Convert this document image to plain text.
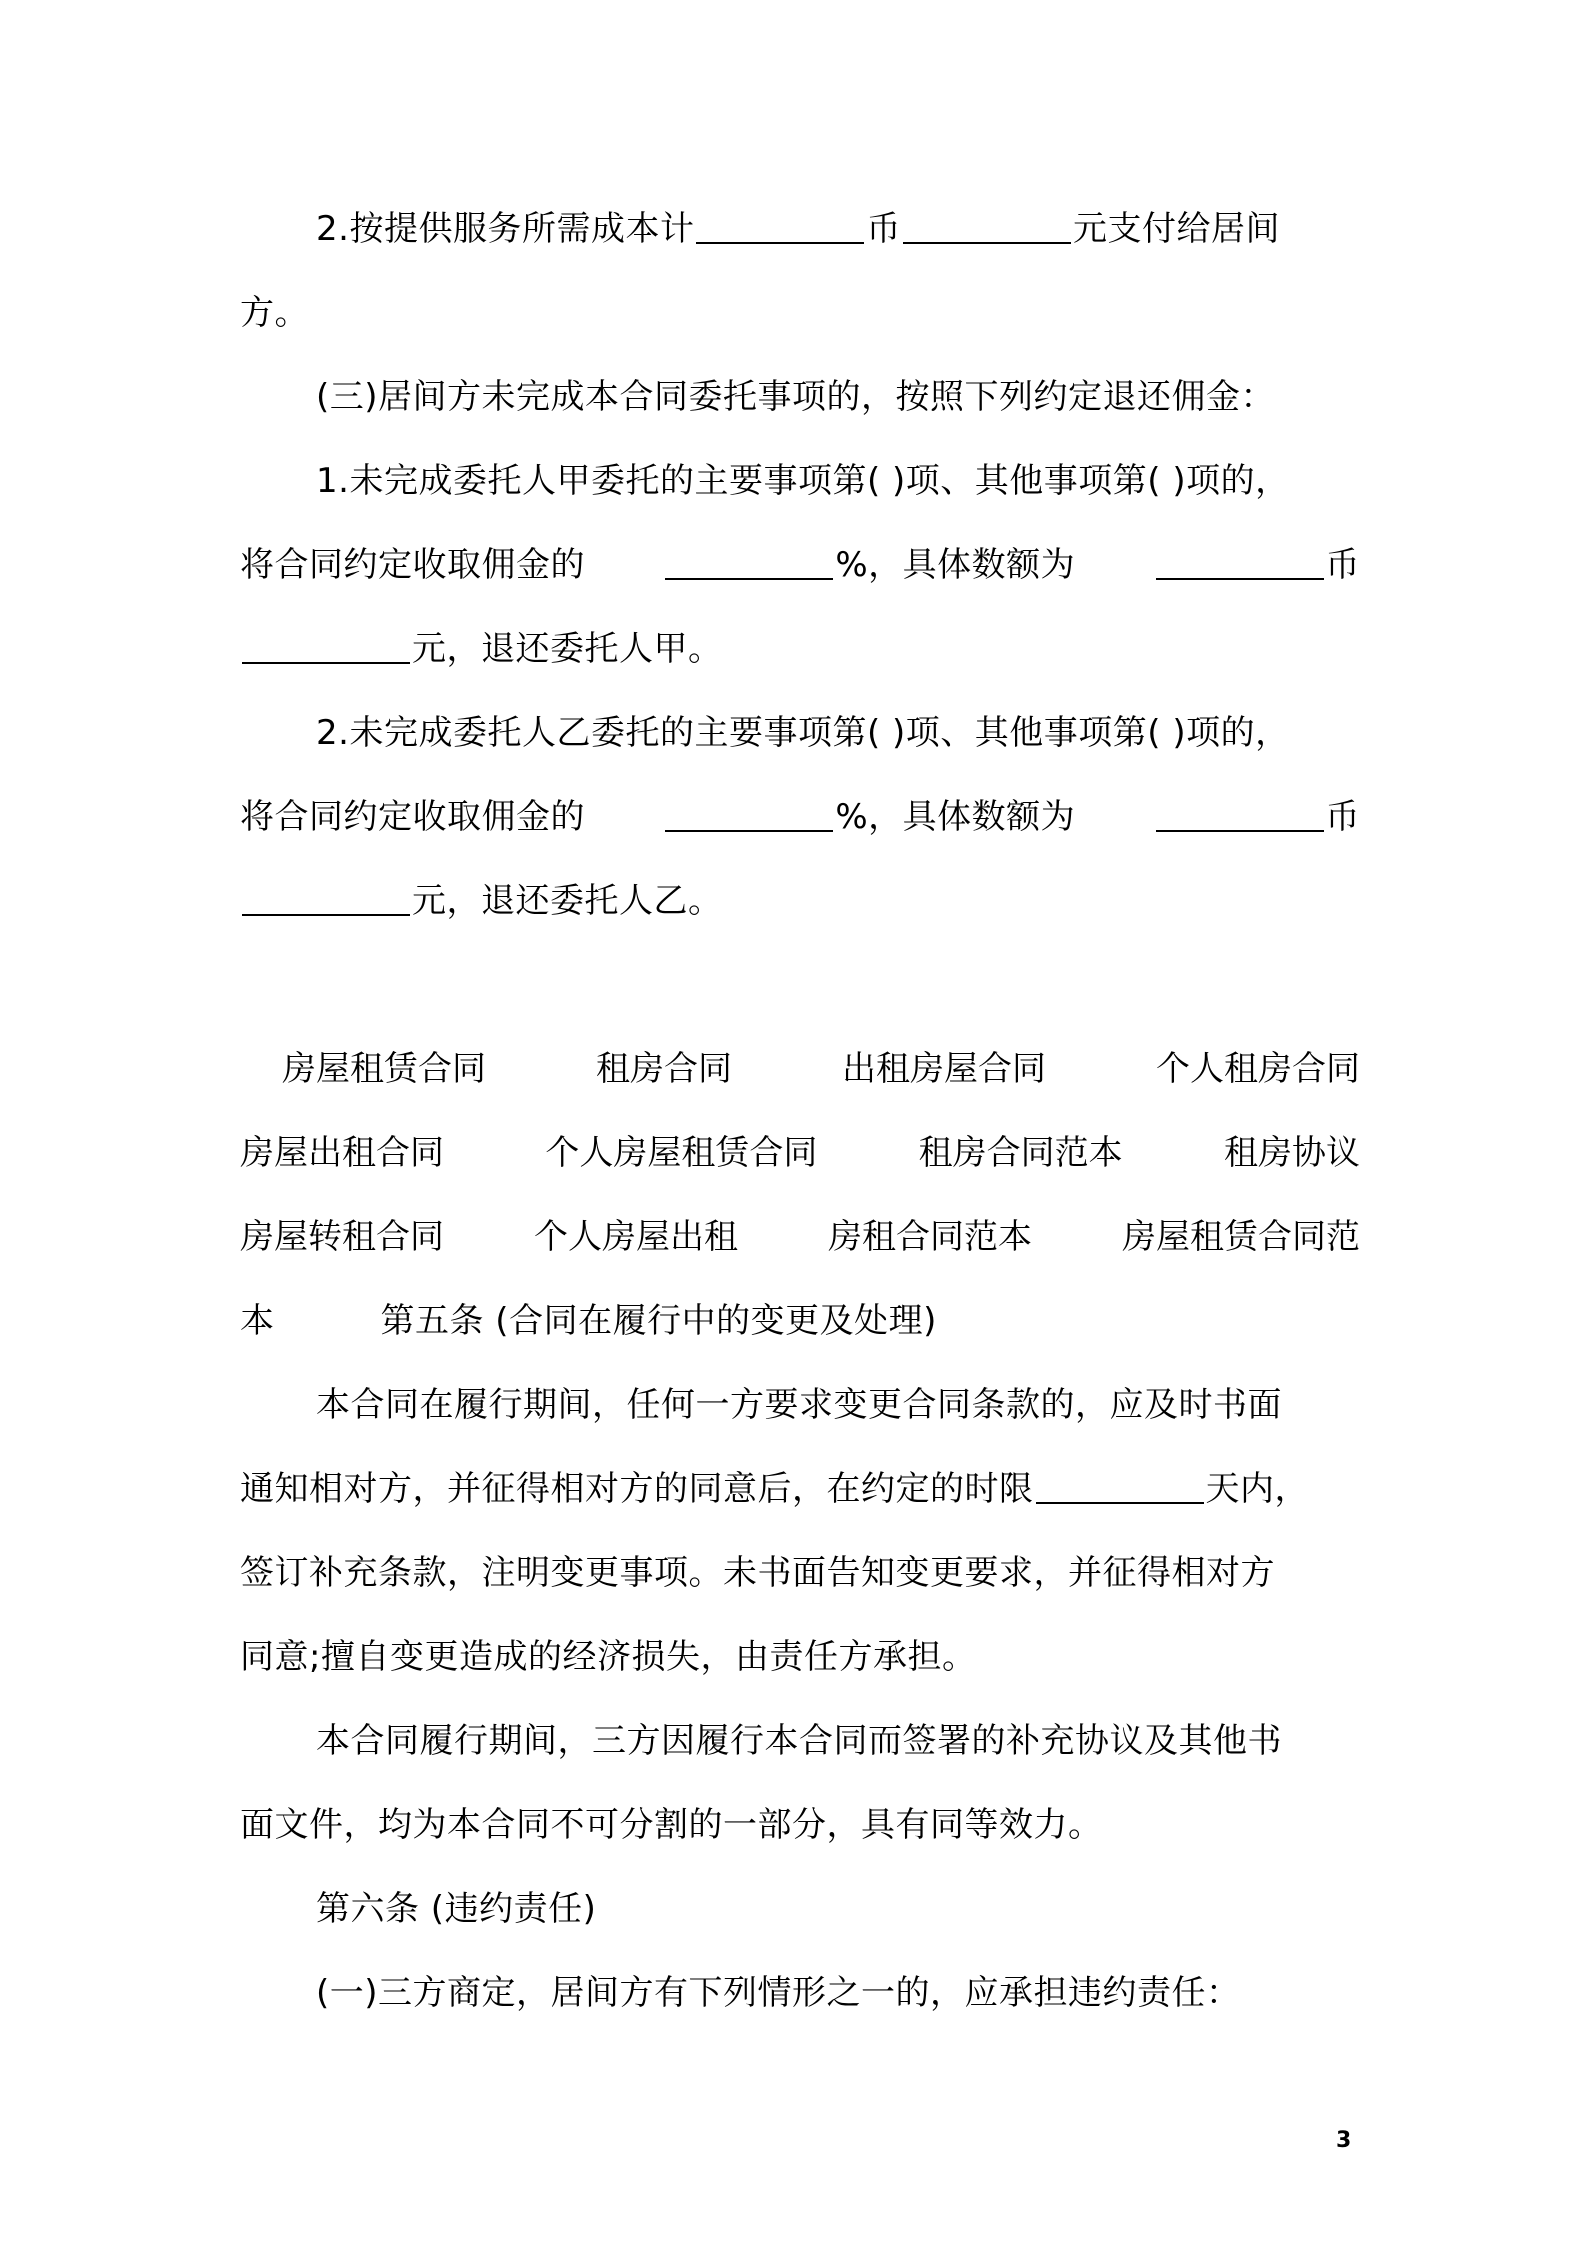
2.按提供服务所需成本计	币	元支付给居间
方。
(三)居间方未完成本合同委托事项的，按照下列约定退还佣金：
1.未完成委托人甲委托的主要事项第( )项、其他事项第( )项的，
将合同约定收取佣金的	%，具体数额为	币
元，退还委托人甲。
2.未完成委托人乙委托的主要事项第( )项、其他事项第( )项的，
将合同约定收取佣金的	%，具体数额为	币
元，退还委托人乙。
房屋租赁合同	租房合同	出租房屋合同	个人租房合同
房屋出租合同	个人房屋租赁合同	租房合同范本	租房协议
房屋转租合同	个人房屋出租	房租合同范本	房屋租赁合同范
本	第五条 (合同在履行中的变更及处理)
本合同在履行期间，任何一方要求变更合同条款的，应及时书面
通知相对方，并征得相对方的同意后，在约定的时限	天内，
签订补充条款，注明变更事项。未书面告知变更要求，并征得相对方
同意;擅自变更造成的经济损失，由责任方承担。
本合同履行期间，三方因履行本合同而签署的补充协议及其他书
面文件，均为本合同不可分割的一部分，具有同等效力。
第六条 (违约责任)
(一)三方商定，居间方有下列情形之一的，应承担违约责任：
3
